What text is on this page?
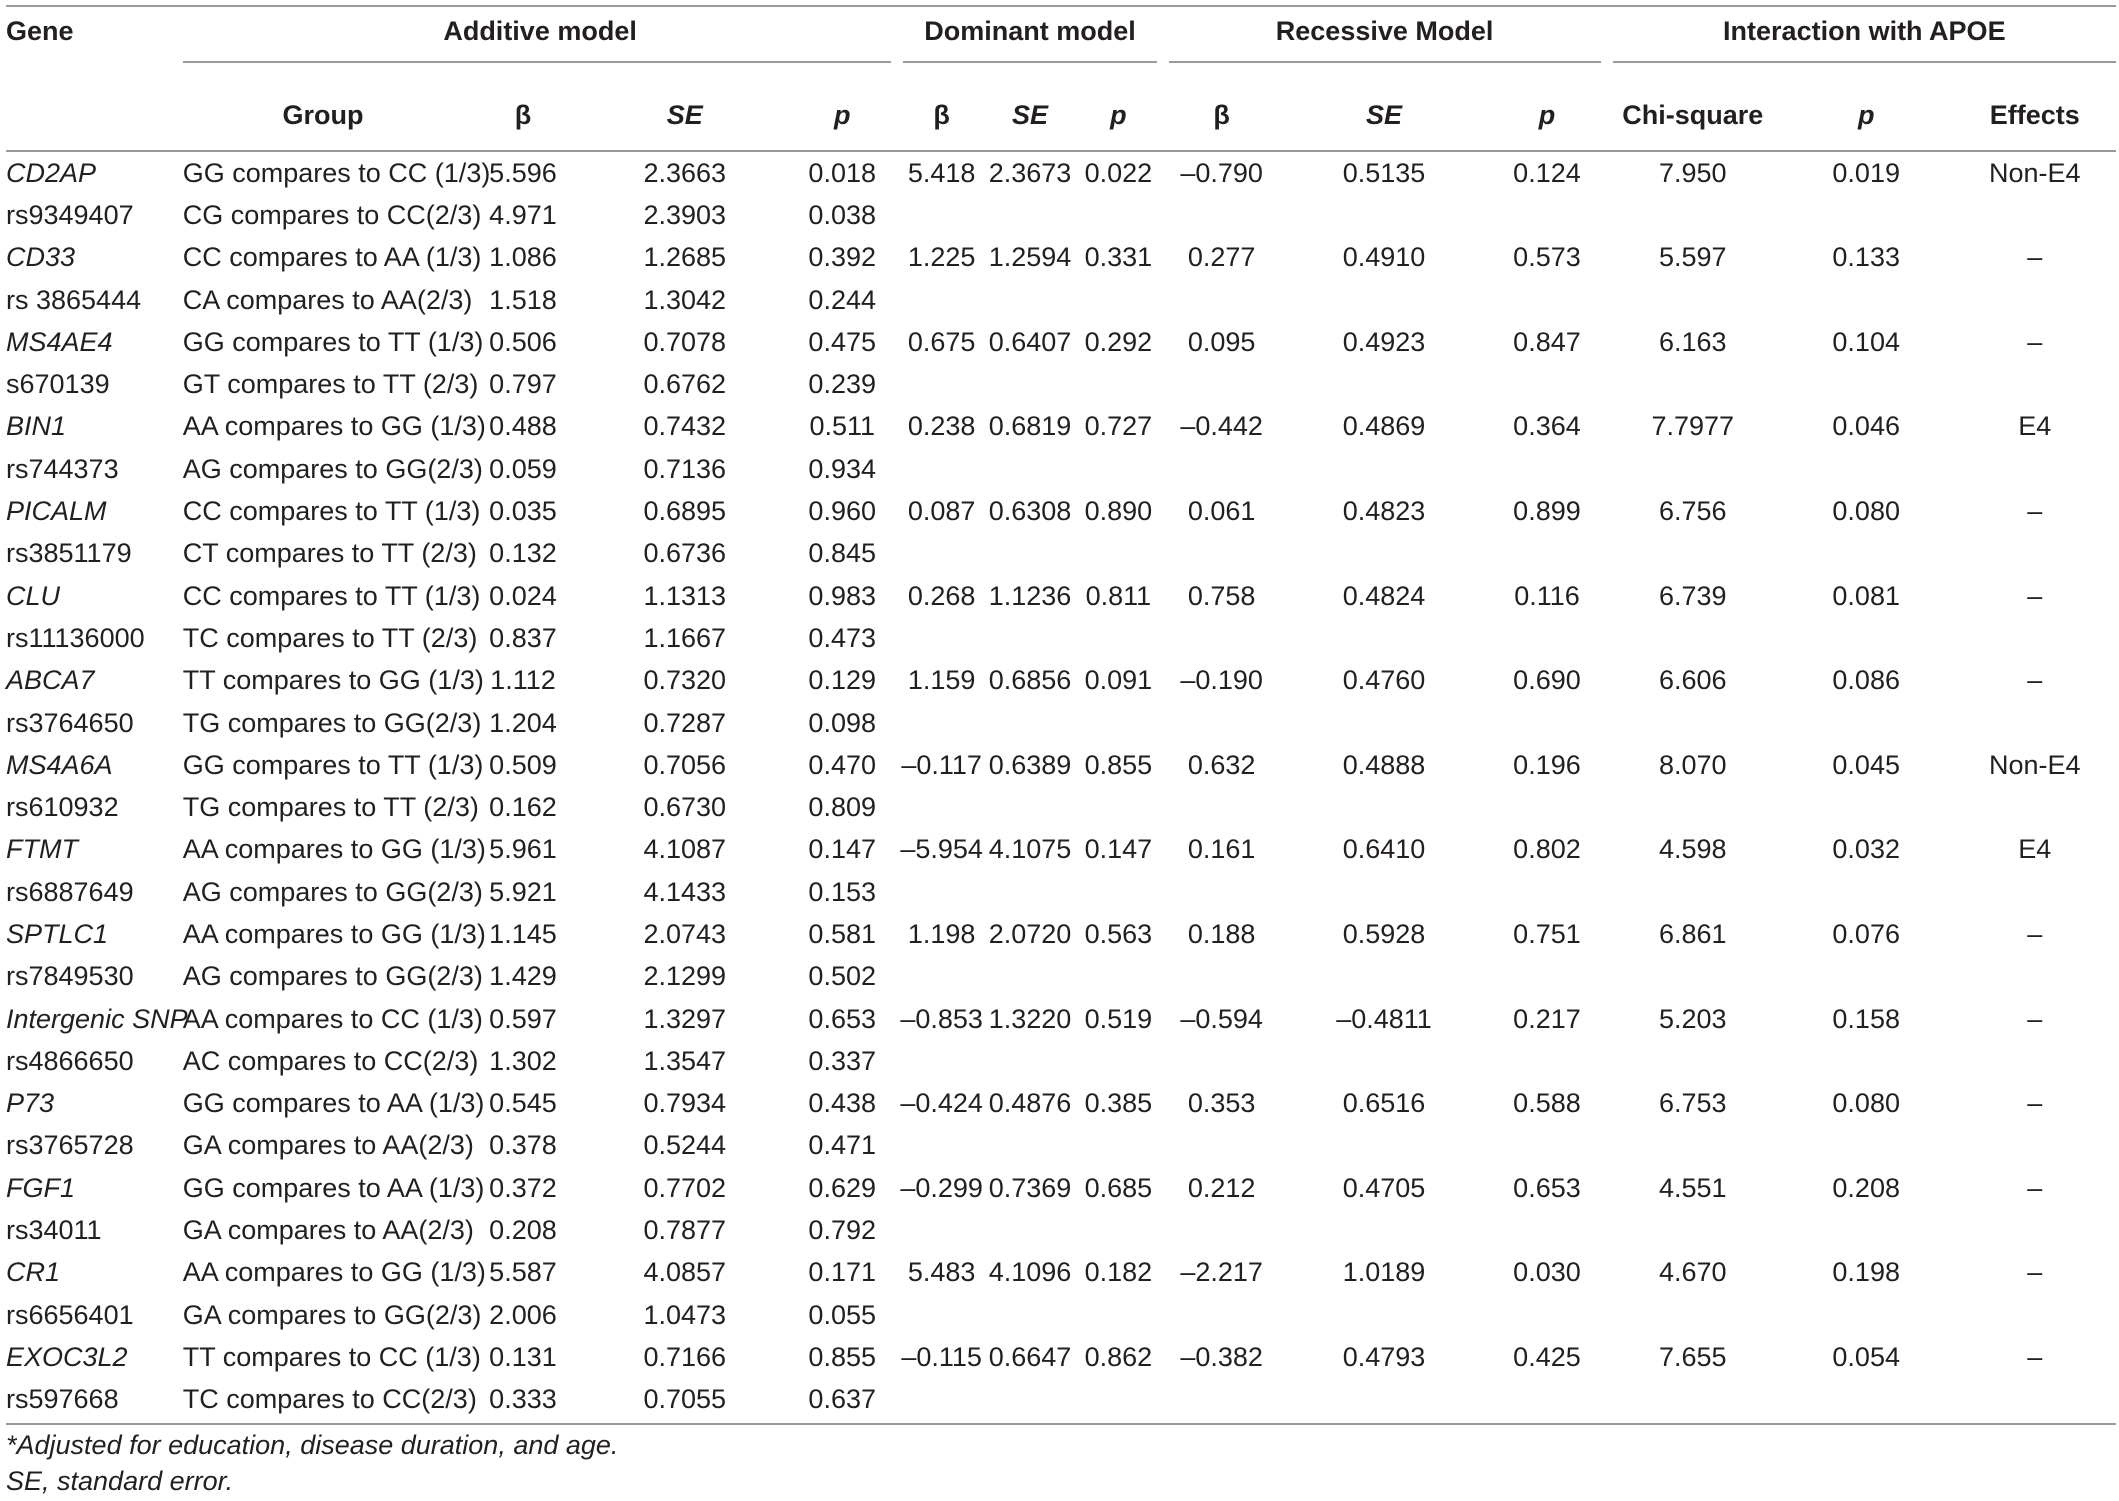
Gene	Additive model				Dominant model			Recessive Model			Interaction with APOE		

	Group	β	SE	p	β	SE	p	β	SE	p	Chi-square	p	Effects
CD2AP	GG compares to CC (1/3)	5.596	2.3663	0.018	5.418	2.3673	0.022	–0.790	0.5135	0.124	7.950	0.019	Non-E4
rs9349407	CG compares to CC(2/3)	4.971	2.3903	0.038									
CD33	CC compares to AA (1/3)	1.086	1.2685	0.392	1.225	1.2594	0.331	0.277	0.4910	0.573	5.597	0.133	–
rs 3865444	CA compares to AA(2/3)	1.518	1.3042	0.244									
MS4AE4	GG compares to TT (1/3)	0.506	0.7078	0.475	0.675	0.6407	0.292	0.095	0.4923	0.847	6.163	0.104	–
s670139	GT compares to TT (2/3)	0.797	0.6762	0.239									
BIN1	AA compares to GG (1/3)	0.488	0.7432	0.511	0.238	0.6819	0.727	–0.442	0.4869	0.364	7.7977	0.046	E4
rs744373	AG compares to GG(2/3)	0.059	0.7136	0.934									
PICALM	CC compares to TT (1/3)	0.035	0.6895	0.960	0.087	0.6308	0.890	0.061	0.4823	0.899	6.756	0.080	–
rs3851179	CT compares to TT (2/3)	0.132	0.6736	0.845									
CLU	CC compares to TT (1/3)	0.024	1.1313	0.983	0.268	1.1236	0.811	0.758	0.4824	0.116	6.739	0.081	–
rs11136000	TC compares to TT (2/3)	0.837	1.1667	0.473									
ABCA7	TT compares to GG (1/3)	1.112	0.7320	0.129	1.159	0.6856	0.091	–0.190	0.4760	0.690	6.606	0.086	–
rs3764650	TG compares to GG(2/3)	1.204	0.7287	0.098									
MS4A6A	GG compares to TT (1/3)	0.509	0.7056	0.470	–0.117	0.6389	0.855	0.632	0.4888	0.196	8.070	0.045	Non-E4
rs610932	TG compares to TT (2/3)	0.162	0.6730	0.809									
FTMT	AA compares to GG (1/3)	5.961	4.1087	0.147	–5.954	4.1075	0.147	0.161	0.6410	0.802	4.598	0.032	E4
rs6887649	AG compares to GG(2/3)	5.921	4.1433	0.153									
SPTLC1	AA compares to GG (1/3)	1.145	2.0743	0.581	1.198	2.0720	0.563	0.188	0.5928	0.751	6.861	0.076	–
rs7849530	AG compares to GG(2/3)	1.429	2.1299	0.502									
Intergenic SNP	AA compares to CC (1/3)	0.597	1.3297	0.653	–0.853	1.3220	0.519	–0.594	–0.4811	0.217	5.203	0.158	–
rs4866650	AC compares to CC(2/3)	1.302	1.3547	0.337									
P73	GG compares to AA (1/3)	0.545	0.7934	0.438	–0.424	0.4876	0.385	0.353	0.6516	0.588	6.753	0.080	–
rs3765728	GA compares to AA(2/3)	0.378	0.5244	0.471									
FGF1	GG compares to AA (1/3)	0.372	0.7702	0.629	–0.299	0.7369	0.685	0.212	0.4705	0.653	4.551	0.208	–
rs34011	GA compares to AA(2/3)	0.208	0.7877	0.792									
CR1	AA compares to GG (1/3)	5.587	4.0857	0.171	5.483	4.1096	0.182	–2.217	1.0189	0.030	4.670	0.198	–
rs6656401	GA compares to GG(2/3)	2.006	1.0473	0.055									
EXOC3L2	TT compares to CC (1/3)	0.131	0.7166	0.855	–0.115	0.6647	0.862	–0.382	0.4793	0.425	7.655	0.054	–
rs597668	TC compares to CC(2/3)	0.333	0.7055	0.637									
*Adjusted for education, disease duration, and age.
SE, standard error.
